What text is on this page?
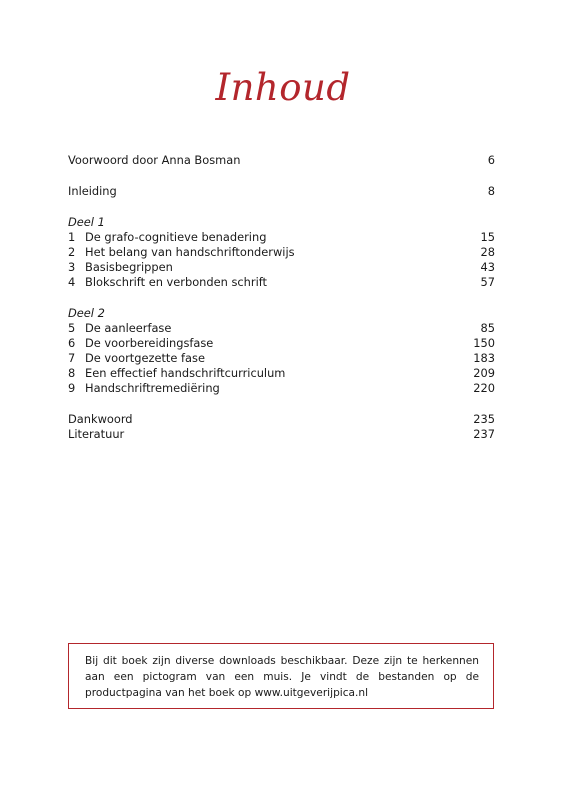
Inhoud
Voorwoord door Anna Bosman	6
Inleiding	8
Deel 1
1 De grafo-cognitieve benadering	15
2 Het belang van handschriftonderwijs	28
3 Basisbegrippen	43
4 Blokschrift en verbonden schrift	57
Deel 2
5 De aanleerfase	85
6 De voorbereidingsfase	150
7 De voortgezette fase	183
8 Een effectief handschriftcurriculum	209
9 Handschriftremediëring	220
Dankwoord	235
Literatuur	237

Bij dit boek zijn diverse downloads beschikbaar. Deze zijn te herkennen aan een pictogram van een muis. Je vindt de bestanden op de productpagina van het boek op www.uitgeverijpica.nl
